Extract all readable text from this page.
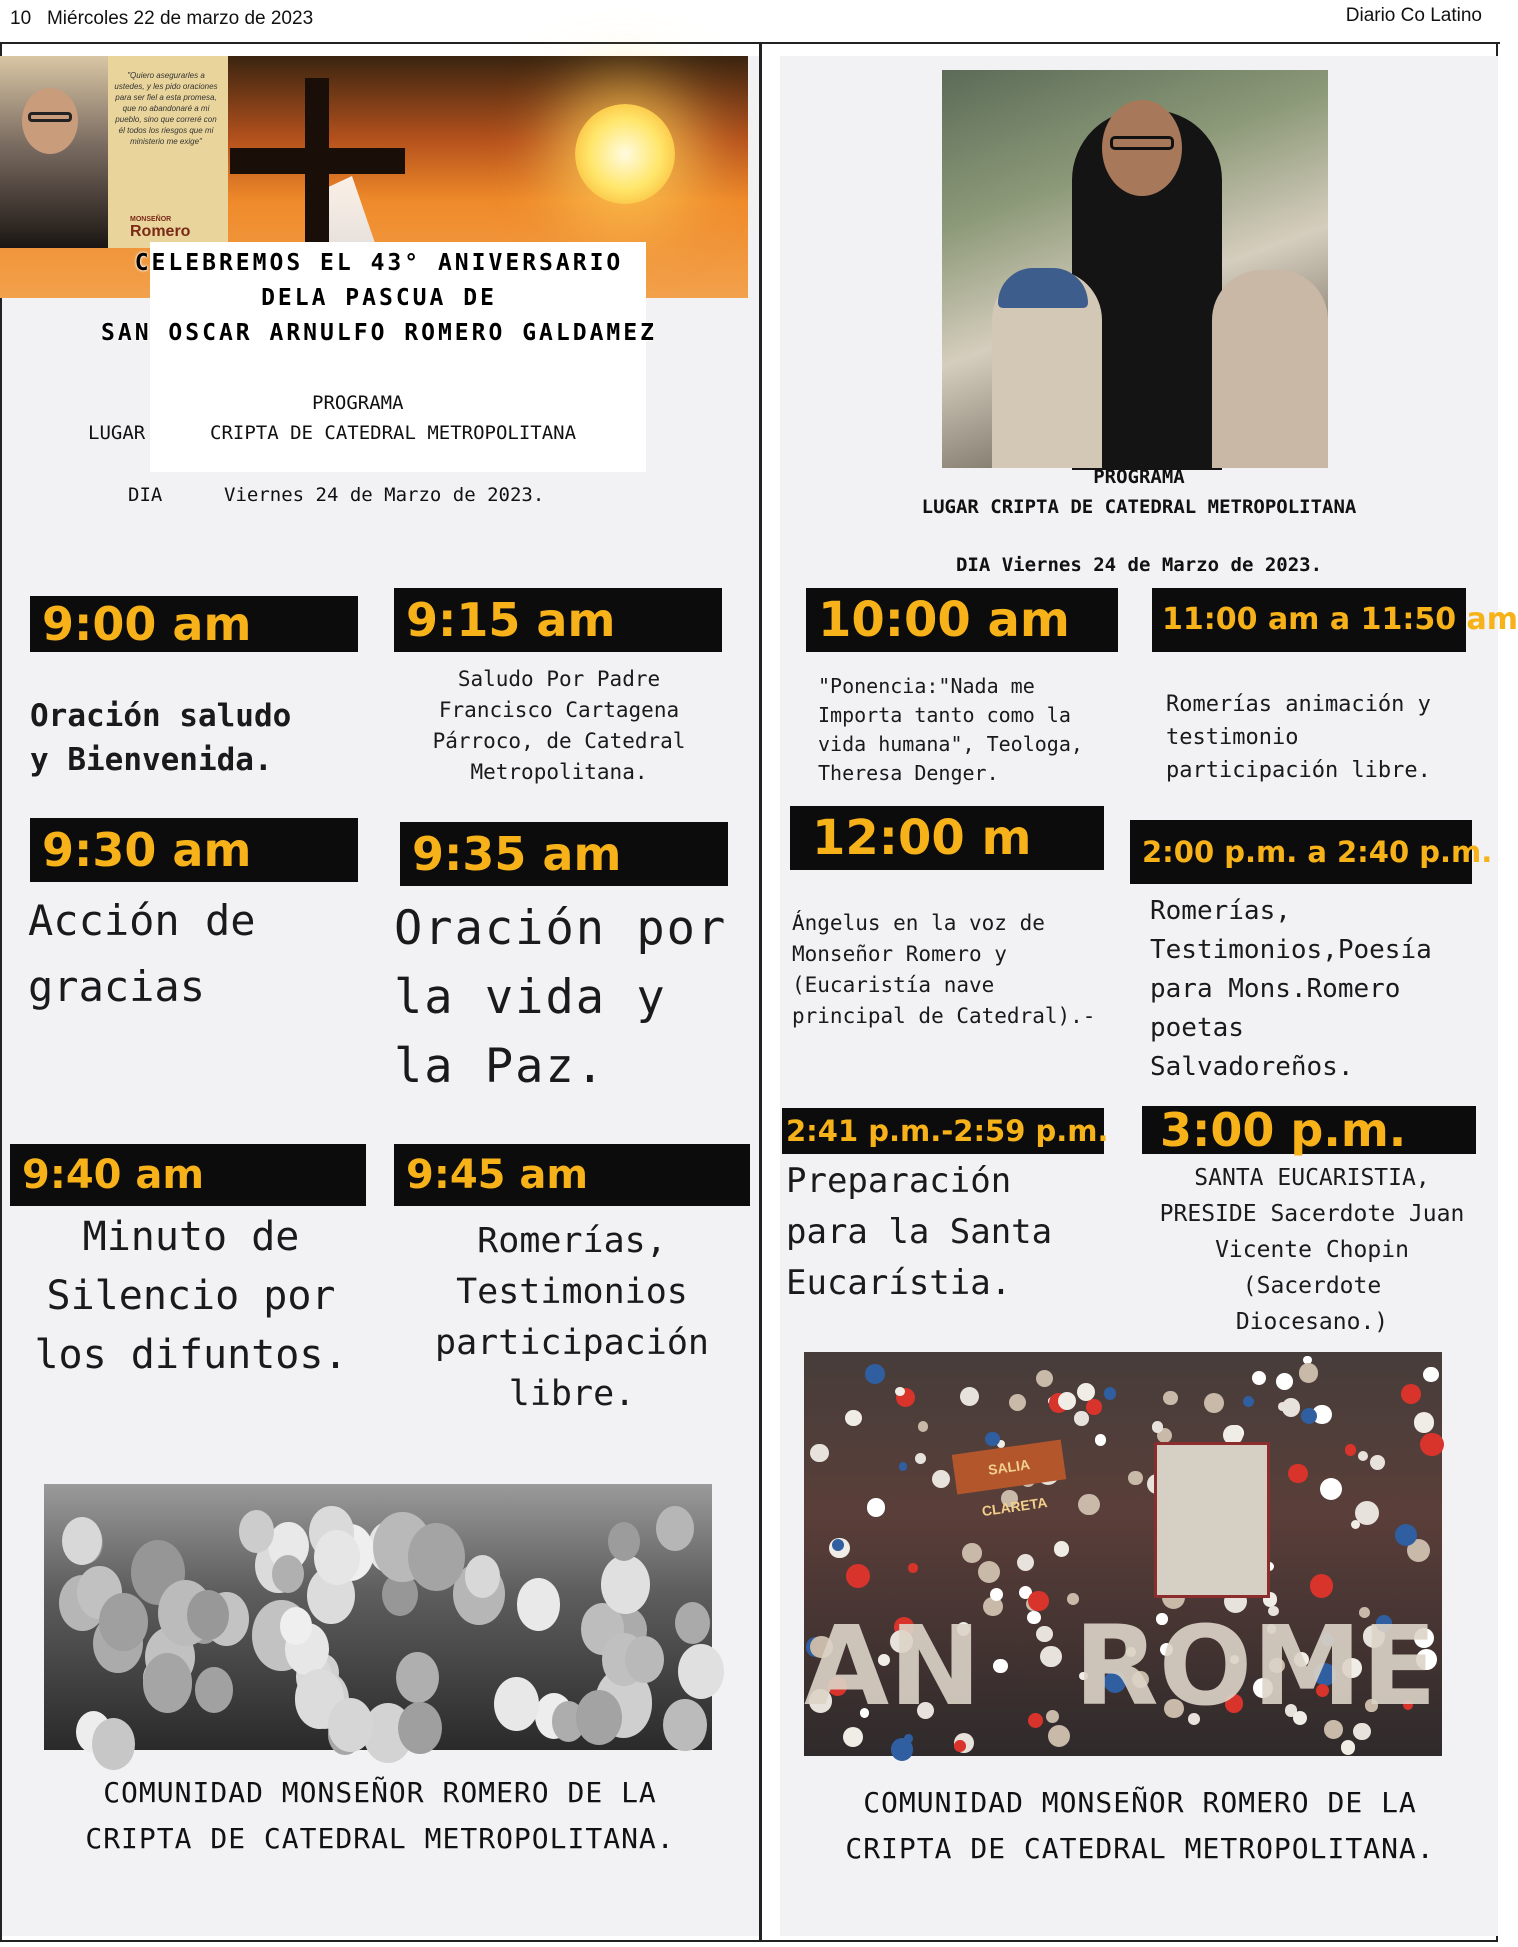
10 Miércoles 22 de marzo de 2023	Diario Co Latino
"Quiero asegurarles a ustedes, y les pido oraciones para ser fiel a esta promesa, que no abandonaré a mi pueblo, sino que correré con él todos los riesgos que mi ministerio me exige"
MONSEÑOR
Romero
CELEBREMOS EL 43° ANIVERSARIO
DELA PASCUA DE
SAN OSCAR ARNULFO ROMERO GALDAMEZ
PROGRAMA
LUGAR	CRIPTA DE CATEDRAL METROPOLITANA
DIA	Viernes 24 de Marzo de 2023.
9:00 am
Oración saludo
y Bienvenida.
9:15 am
Saludo Por Padre
Francisco Cartagena
Párroco, de Catedral
Metropolitana.
9:30 am
Acción de
gracias
9:35 am
Oración por
la vida y
la Paz.
9:40 am
Minuto de
Silencio por
los difuntos.
9:45 am
Romerías,
Testimonios
participación
libre.
COMUNIDAD MONSEÑOR ROMERO DE LA
CRIPTA DE CATEDRAL METROPOLITANA.
PROGRAMA
LUGAR CRIPTA DE CATEDRAL METROPOLITANA
DIA Viernes 24 de Marzo de 2023.
10:00 am
"Ponencia:"Nada me
Importa tanto como la
vida humana", Teologa,
Theresa Denger.
11:00 am a 11:50 am
Romerías animación y
testimonio
participación libre.
12:00 m
Ángelus en la voz de
Monseñor Romero y
(Eucaristía nave
principal de Catedral).-
2:00 p.m. a 2:40 p.m.
Romerías,
Testimonios,Poesía
para Mons.Romero
poetas
Salvadoreños.
2:41 p.m.-2:59 p.m.
Preparación
para la Santa
Eucarístia.
3:00 p.m.
SANTA EUCARISTIA,
PRESIDE Sacerdote Juan
Vicente Chopin
(Sacerdote
Diocesano.)
SALIA CLARETA
AN ROME
COMUNIDAD MONSEÑOR ROMERO DE LA
CRIPTA DE CATEDRAL METROPOLITANA.
